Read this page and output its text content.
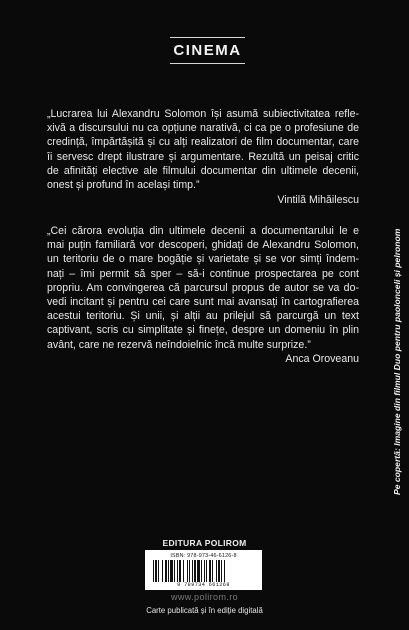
CINEMA
„Lucrarea lui Alexandru Solomon își asumă subiectivitatea refle-
xivă a discursului nu ca opțiune narativă, ci ca pe o profesiune de
credință, împărtășită și cu alți realizatori de film documentar, care
îi servesc drept ilustrare și argumentare. Rezultă un peisaj critic
de afinități elective ale filmului documentar din ultimele decenii,
onest și profund în același timp.”
Vintilă Mihăilescu
„Cei cărora evoluția din ultimele decenii a documentarului le e
mai puțin familiară vor descoperi, ghidați de Alexandru Solomon,
un teritoriu de o mare bogăție și varietate și se vor simți îndem-
nați – îmi permit să sper – să-i continue prospectarea pe cont
propriu. Am convingerea că parcursul propus de autor se va do-
vedi incitant și pentru cei care sunt mai avansați în cartografierea
acestui teritoriu. Și unii, și alții au prilejul să parcurgă un text
captivant, scris cu simplitate și finețe, despre un domeniu în plin
avânt, care ne rezervă neîndoielnic încă multe surprize.”
Anca Oroveanu	Pe copertă: Imagine din filmul Duo pentru paolonceli și pelronom
EDITURA POLIROM
ISBN: 978-973-46-6126-8
9 789734 661268
www.polirom.ro
Carte publicată și în ediție digitală
